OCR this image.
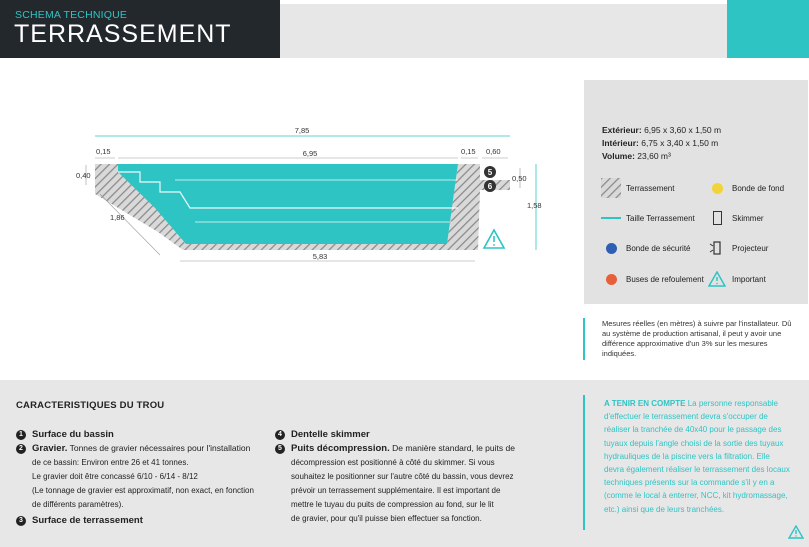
SCHEMA TECHNIQUE
TERRASSEMENT
7,85
0,15	6,95	0,15 0,60
0,40	5
6
0,50
1,58
1,86
5,83
Extérieur: 6,95 x 3,60 x 1,50 m
Intérieur: 6,75 x 3,40 x 1,50 m
Volume: 23,60 m³
Terrassement	Bonde de fond
Taille Terrassement	Skimmer
Bonde de sécurité	Projecteur
Buses de refoulement	Important
Mesures réelles (en mètres) à suivre par l'installateur. Dû au système de production artisanal, il peut y avoir une différence approximative d'un 3% sur les mesures indiquées.
CARACTERISTIQUES DU TROU
1 Surface du bassin
2 Gravier. Tonnes de gravier nécessaires pour l'installation
de ce bassin: Environ entre 26 et 41 tonnes.
Le gravier doit être concassé 6/10 - 6/14 - 8/12
(Le tonnage de gravier est approximatif, non exact, en fonction
de différents paramètres).
3 Surface de terrassement
4 Dentelle skimmer
5 Puits décompression. De manière standard, le puits de
décompression est positionné à côté du skimmer. Si vous
souhaitez le positionner sur l'autre côté du bassin, vous devrez
prévoir un terrassement supplémentaire. Il est important de
mettre le tuyau du puits de compression au fond, sur le lit
de gravier, pour qu'il puisse bien effectuer sa fonction.
A TENIR EN COMPTE La personne responsable d'effectuer le terrassement devra s'occuper de réaliser la tranchée de 40x40 pour le passage des tuyaux depuis l'angle choisi de la sortie des tuyaux hydrauliques de la piscine vers la filtration. Elle devra également réaliser le terrassement des locaux techniques présents sur la commande s'il y en a (comme le local à enterrer, NCC, kit hydromassage, etc.) ainsi que de leurs tranchées.
